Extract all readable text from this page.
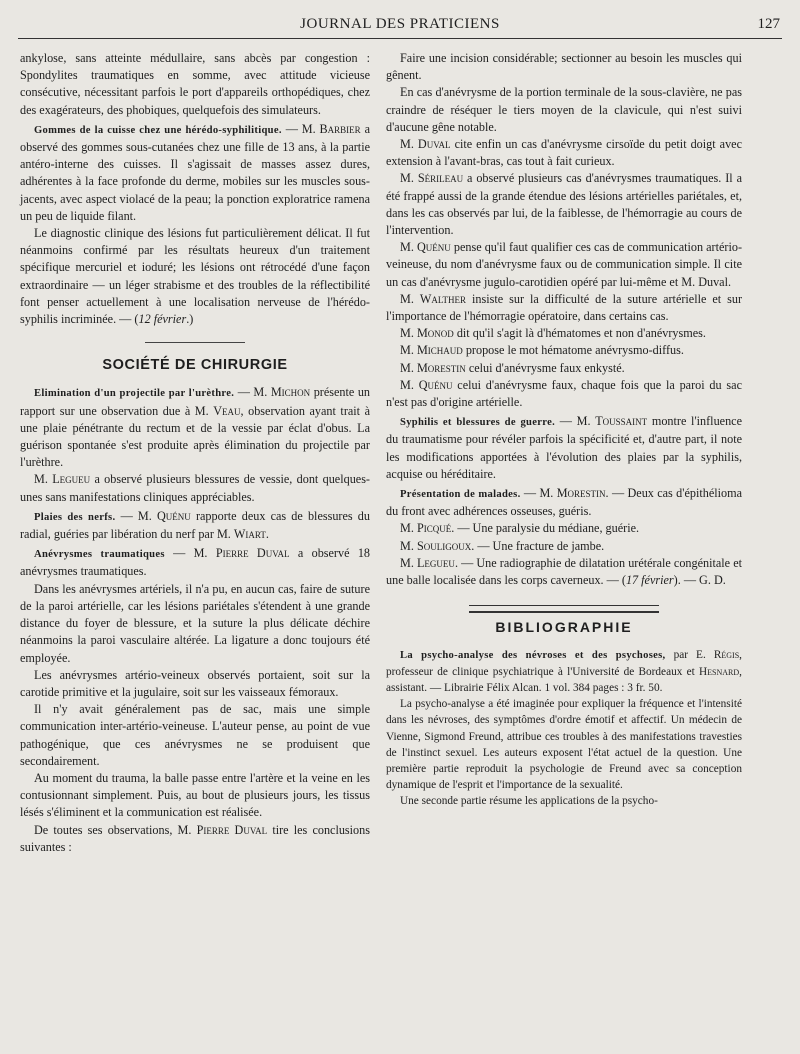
JOURNAL DES PRATICIENS	127

ankylose, sans atteinte médullaire, sans abcès par congestion : Spondylites traumatiques en somme, avec attitude vicieuse consécutive, nécessitant parfois le port d'appareils orthopédiques, chez des exagérateurs, des phobiques, quelquefois des simulateurs.

Gommes de la cuisse chez une hérédo-syphilitique. — M. Barbier a observé des gommes sous-cutanées chez une fille de 13 ans, à la partie antéro-interne des cuisses. Il s'agissait de masses assez dures, adhérentes à la face profonde du derme, mobiles sur les muscles sous-jacents, avec aspect violacé de la peau; la ponction exploratrice ramena un peu de liquide filant.

Le diagnostic clinique des lésions fut particulièrement délicat. Il fut néanmoins confirmé par les résultats heureux d'un traitement spécifique mercuriel et ioduré; les lésions ont rétrocédé d'une façon extraordinaire — un léger strabisme et des troubles de la réflectibilité font penser actuellement à une localisation nerveuse de l'hérédo-syphilis incriminée. — (12 février.)

SOCIÉTÉ DE CHIRURGIE

Elimination d'un projectile par l'urèthre. — M. Michon présente un rapport sur une observation due à M. Veau, observation ayant trait à une plaie pénétrante du rectum et de la vessie par éclat d'obus. La guérison spontanée s'est produite après élimination du projectile par l'urèthre.

M. Legueu a observé plusieurs blessures de vessie, dont quelques-unes sans manifestations cliniques appréciables.

Plaies des nerfs. — M. Quénu rapporte deux cas de blessures du radial, guéries par libération du nerf par M. Wiart.

Anévrysmes traumatiques — M. Pierre Duval a observé 18 anévrysmes traumatiques.

Dans les anévrysmes artériels, il n'a pu, en aucun cas, faire de suture de la paroi artérielle, car les lésions pariétales s'étendent à une grande distance du foyer de blessure, et la suture la plus délicate déchire néanmoins la paroi vasculaire altérée. La ligature a donc toujours été employée.

Les anévrysmes artério-veineux observés portaient, soit sur la carotide primitive et la jugulaire, soit sur les vaisseaux fémoraux.

Il n'y avait généralement pas de sac, mais une simple communication inter-artério-veineuse. L'auteur pense, au point de vue pathogénique, que ces anévrysmes ne se produisent que secondairement.

Au moment du trauma, la balle passe entre l'artère et la veine en les contusionnant simplement. Puis, au bout de plusieurs jours, les tissus lésés s'éliminent et la communication est réalisée.

De toutes ses observations, M. Pierre Duval tire les conclusions suivantes :

Faire une incision considérable; sectionner au besoin les muscles qui gênent.

En cas d'anévrysme de la portion terminale de la sous-clavière, ne pas craindre de réséquer le tiers moyen de la clavicule, qui n'est suivi d'aucune gêne notable.

M. Duval cite enfin un cas d'anévrysme cirsoïde du petit doigt avec extension à l'avant-bras, cas tout à fait curieux.

M. Sérileau a observé plusieurs cas d'anévrysmes traumatiques. Il a été frappé aussi de la grande étendue des lésions artérielles pariétales, et, dans les cas observés par lui, de la faiblesse, de l'hémorragie au cours de l'intervention.

M. Quénu pense qu'il faut qualifier ces cas de communication artério-veineuse, du nom d'anévrysme faux ou de communication simple. Il cite un cas d'anévrysme jugulo-carotidien opéré par lui-même et M. Duval.

M. Walther insiste sur la difficulté de la suture artérielle et sur l'importance de l'hémorragie opératoire, dans certains cas.

M. Monod dit qu'il s'agit là d'hématomes et non d'anévrysmes.

M. Michaud propose le mot hématome anévrysmo-diffus.

M. Morestin celui d'anévrysme faux enkysté.

M. Quénu celui d'anévrysme faux, chaque fois que la paroi du sac n'est pas d'origine artérielle.

Syphilis et blessures de guerre. — M. Toussaint montre l'influence du traumatisme pour révéler parfois la spécificité et, d'autre part, il note les modifications apportées à l'évolution des plaies par la syphilis, acquise ou héréditaire.

Présentation de malades. — M. Morestin. — Deux cas d'épithélioma du front avec adhérences osseuses, guéris.

M. Picqué. — Une paralysie du médiane, guérie.

M. Souligoux. — Une fracture de jambe.

M. Legueu. — Une radiographie de dilatation urétérale congénitale et une balle localisée dans les corps caverneux. — (17 février). — G. D.

BIBLIOGRAPHIE

La psycho-analyse des névroses et des psychoses, par E. Régis, professeur de clinique psychiatrique à l'Université de Bordeaux et Hesnard, assistant. — Librairie Félix Alcan. 1 vol. 384 pages : 3 fr. 50.

La psycho-analyse a été imaginée pour expliquer la fréquence et l'intensité dans les névroses, des symptômes d'ordre émotif et affectif. Un médecin de Vienne, Sigmond Freund, attribue ces troubles à des manifestations travesties de l'instinct sexuel. Les auteurs exposent l'état actuel de la question. Une première partie reproduit la psychologie de Freund avec sa conception dynamique de l'esprit et l'importance de la sexualité.

Une seconde partie résume les applications de la psycho-
